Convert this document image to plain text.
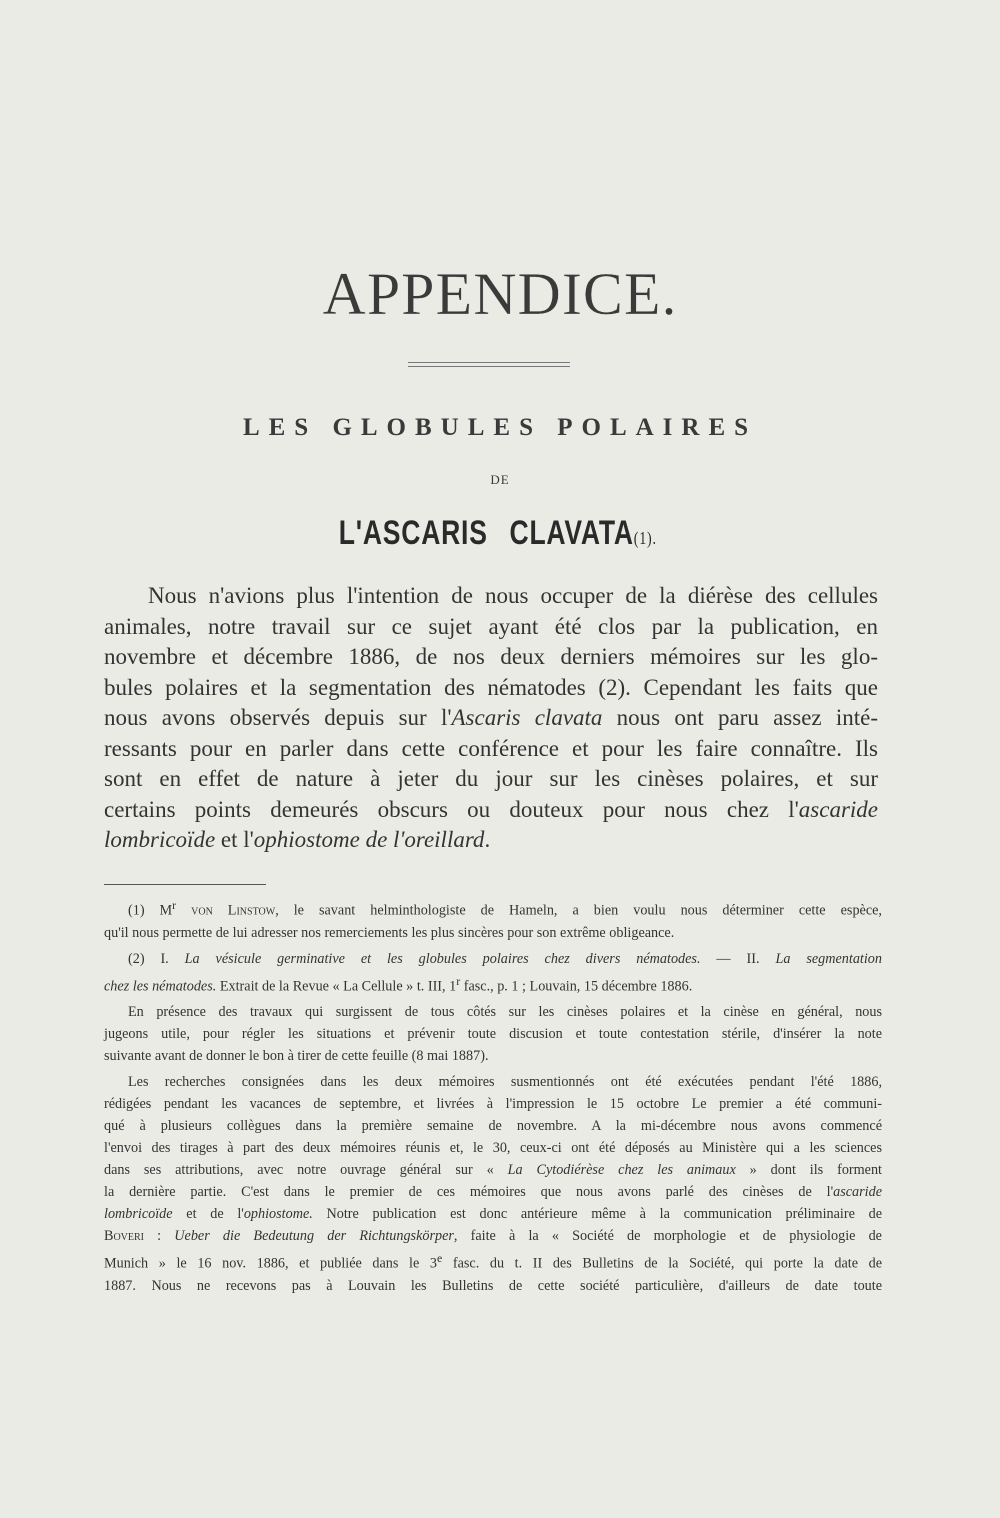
APPENDICE.
LES GLOBULES POLAIRES
DE
L'ASCARIS CLAVATA(1).
Nous n'avions plus l'intention de nous occuper de la diérèse des cellules
animales, notre travail sur ce sujet ayant été clos par la publication, en
novembre et décembre 1886, de nos deux derniers mémoires sur les glo-
bules polaires et la segmentation des nématodes (2). Cependant les faits que
nous avons observés depuis sur l'Ascaris clavata nous ont paru assez inté-
ressants pour en parler dans cette conférence et pour les faire connaître. Ils
sont en effet de nature à jeter du jour sur les cinèses polaires, et sur
certains points demeurés obscurs ou douteux pour nous chez l'ascaride
lombricoïde et l'ophiostome de l'oreillard.
(1) $M^r$ von Linstow, le savant helminthologiste de Hameln, a bien voulu nous déterminer cette espèce,
qu'il nous permette de lui adresser nos remerciements les plus sincères pour son extrême obligeance.
(2) I. La vésicule germinative et les globules polaires chez divers nématodes. — II. La segmentation
chez les nématodes. Extrait de la Revue « La Cellule » t. III, 1$^r$ fasc., p. 1 ; Louvain, 15 décembre 1886.
En présence des travaux qui surgissent de tous côtés sur les cinèses polaires et la cinèse en général, nous
jugeons utile, pour régler les situations et prévenir toute discusion et toute contestation stérile, d'insérer la note
suivante avant de donner le bon à tirer de cette feuille (8 mai 1887).
Les recherches consignées dans les deux mémoires susmentionnés ont été exécutées pendant l'été 1886,
rédigées pendant les vacances de septembre, et livrées à l'impression le 15 octobre Le premier a été communi-
qué à plusieurs collègues dans la première semaine de novembre. A la mi-décembre nous avons commencé
l'envoi des tirages à part des deux mémoires réunis et, le 30, ceux-ci ont été déposés au Ministère qui a les sciences
dans ses attributions, avec notre ouvrage général sur « La Cytodiérèse chez les animaux » dont ils forment
la dernière partie. C'est dans le premier de ces mémoires que nous avons parlé des cinèses de l'ascaride
lombricoïde et de l'ophiostome. Notre publication est donc antérieure même à la communication préliminaire de
Boveri : Ueber die Bedeutung der Richtungskörper, faite à la « Société de morphologie et de physiologie de
Munich » le 16 nov. 1886, et publiée dans le 3e fasc. du t. II des Bulletins de la Société, qui porte la date de
1887. Nous ne recevons pas à Louvain les Bulletins de cette société particulière, d'ailleurs de date toute
